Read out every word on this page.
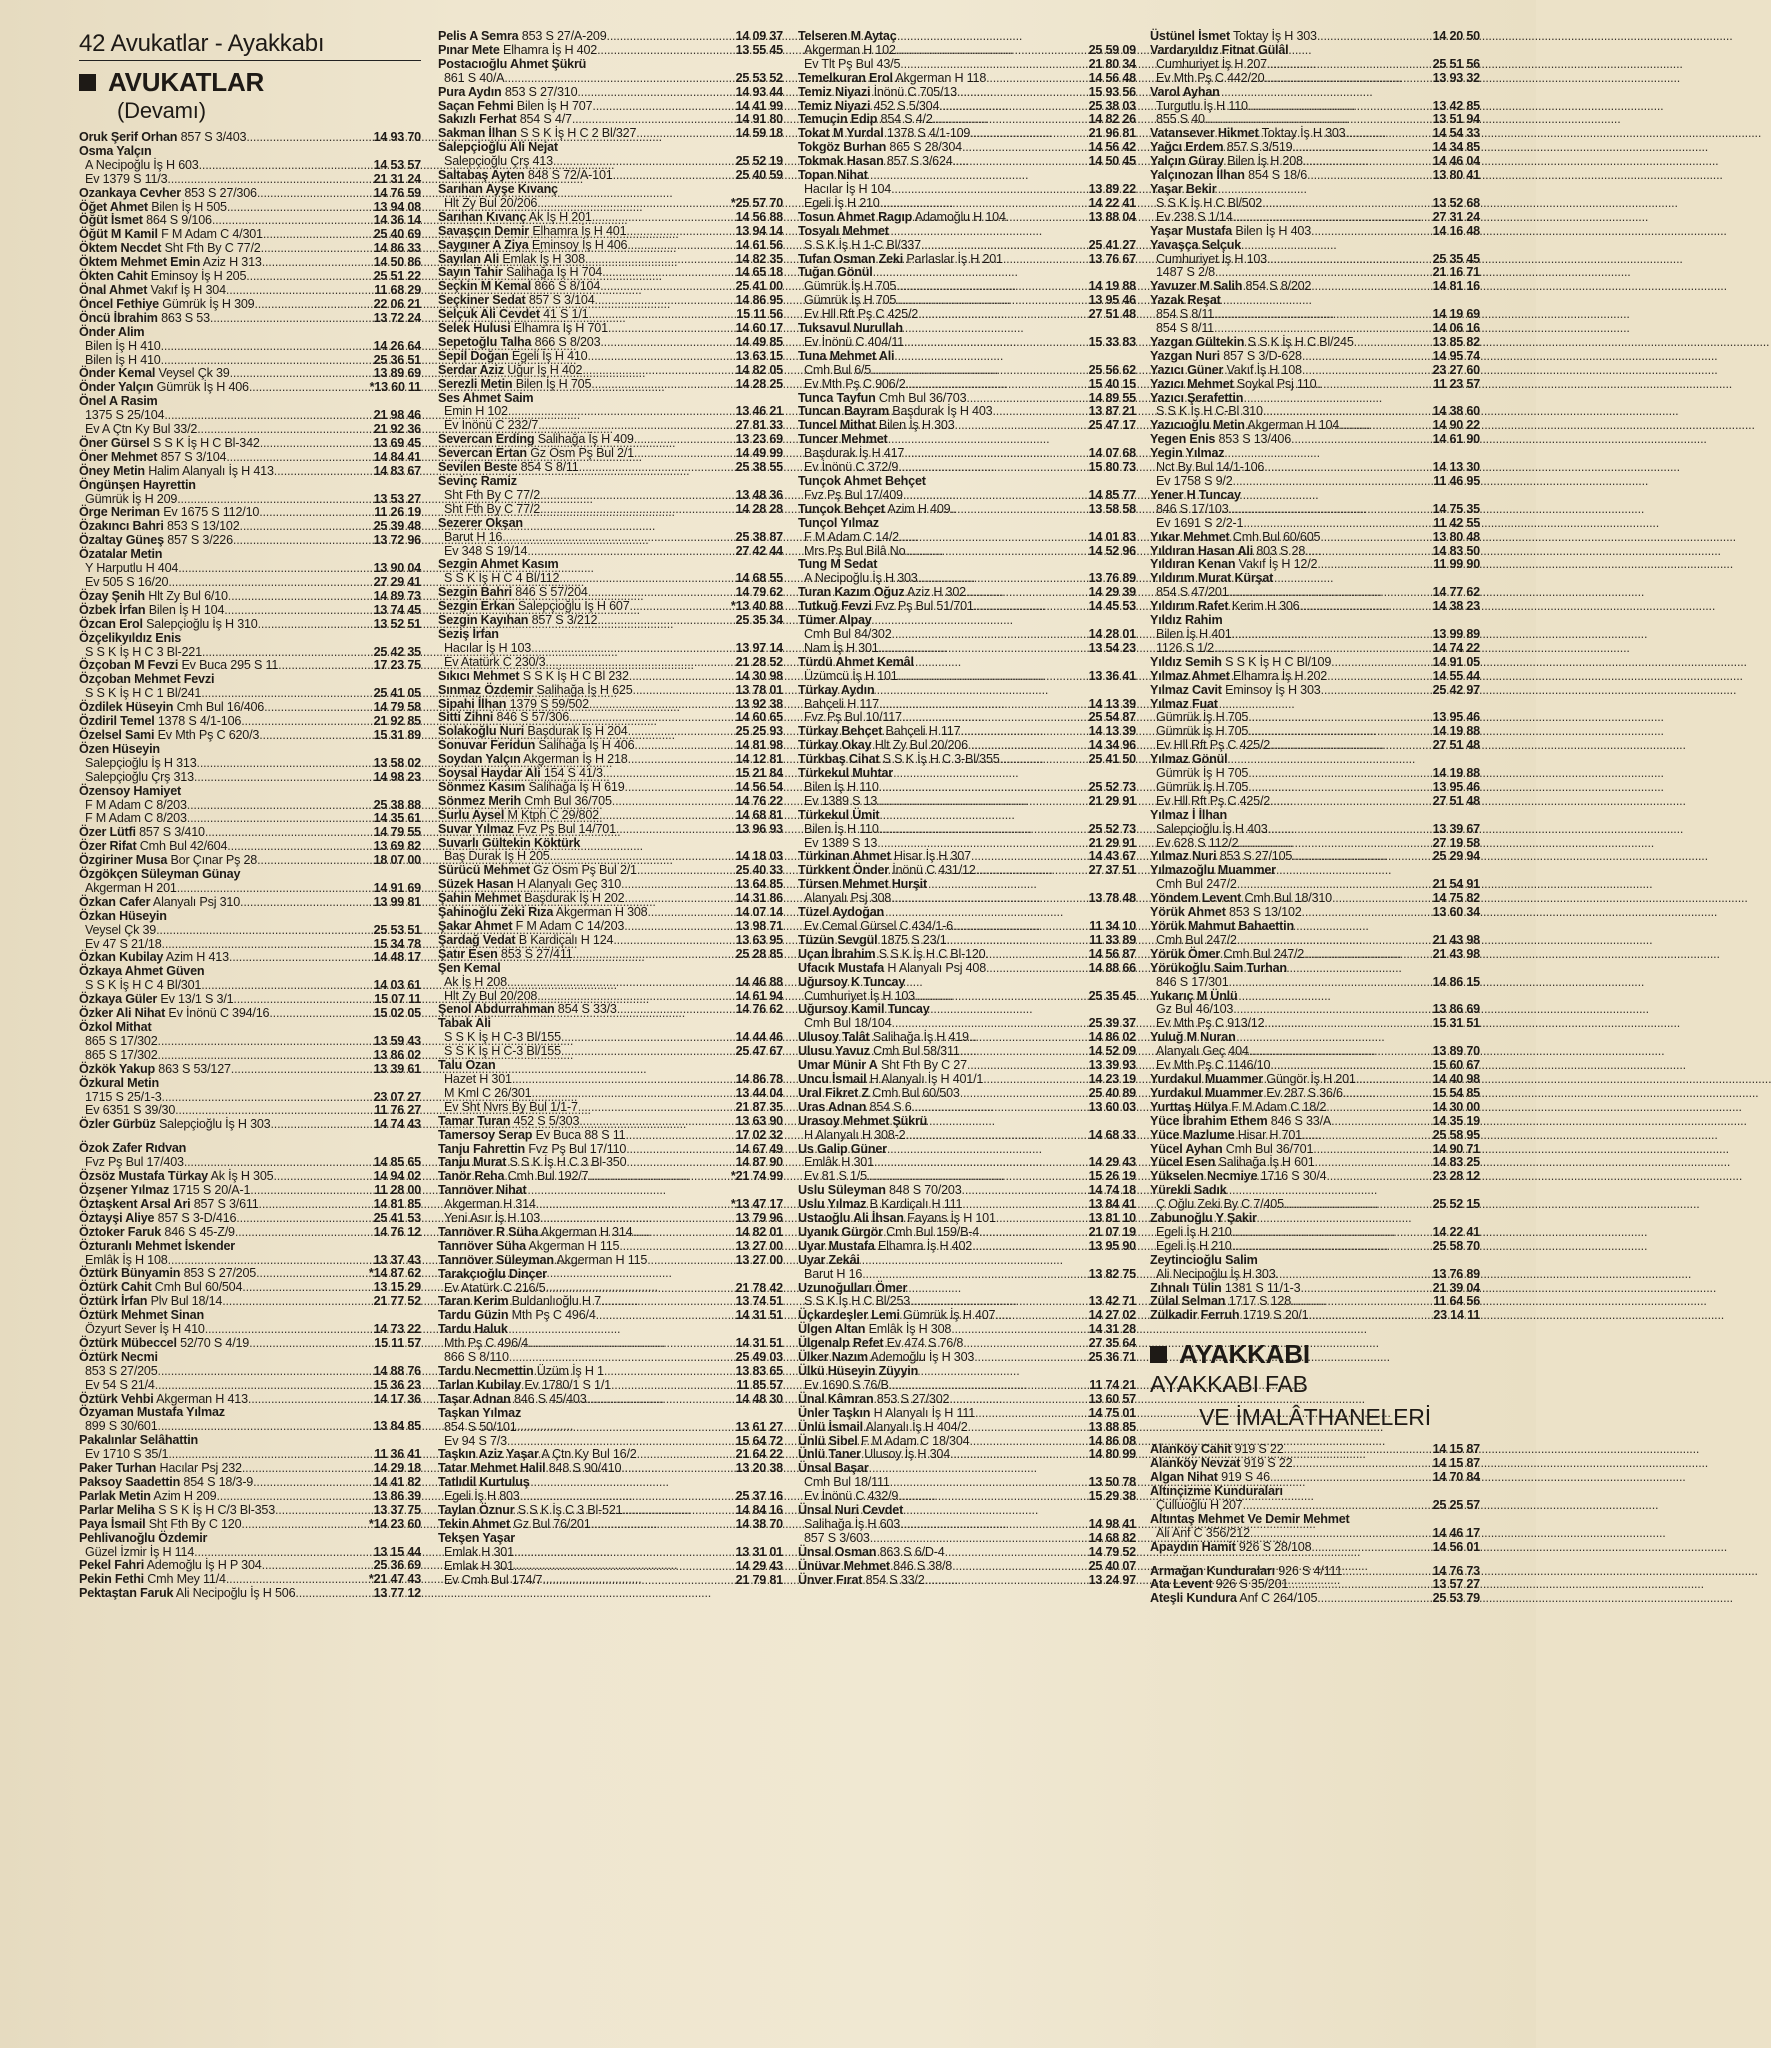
42 Avukatlar - Ayakkabı
AVUKATLAR
(Devamı)
Oruk Şerif Orhan 857 S 3/403 .....	14 93 70
Osma Yalçın
A Necipoğlu İş H 603 .....	14 53 57
Ev 1379 S 11/3 .....	21 31 24
Ozankaya Cevher 853 S 27/306 .....	14 76 59
Öğet Ahmet Bilen İş H 505 .....	13 94 08
Öğüt İsmet 864 S 9/106 .....	14 36 14
Öğüt M Kamil F M Adam C 4/301 .....	25 40 69
Öktem Necdet Sht Fth By C 77/2 .....	14 86 33
Öktem Mehmet Emin Aziz H 313 .....	14 50 86
Ökten Cahit Eminsoy İş H 205 .....	25 51 22
Önal Ahmet Vakıf İş H 304 .....	11 68 29
Öncel Fethiye Gümrük İş H 309 .....	22 06 21
Öncü İbrahim 863 S 53 .....	13 72 24
Önder Alim
Bilen İş H 410 .....	14 26 64
Bilen İş H 410 .....	25 36 51
Önder Kemal Veysel Çk 39 .....	13 89 69
Önder Yalçın Gümrük İş H 406 .....	*13 60 11
Önel A Rasim
1375 S 25/104 .....	21 98 46
Ev A Çtn Ky Bul 33/2 .....	21 92 36
Öner Gürsel S S K İş H C Bl-342 .....	13 69 45
Öner Mehmet 857 S 3/104 .....	14 84 41
Öney Metin Halim Alanyalı İş H 413 .....	14 83 67
Öngünşen Hayrettin
Gümrük İş H 209 .....	13 53 27
Örge Neriman Ev 1675 S 112/10 .....	11 26 19
Özakıncı Bahri 853 S 13/102 .....	25 39 48
Özaltay Güneş 857 S 3/226 .....	13 72 96
Özatalar Metin
Y Harputlu H 404 .....	13 90 04
Ev 505 S 16/20 .....	27 29 41
Özay Şenih Hlt Zy Bul 6/10 .....	14 89 73
Özbek İrfan Bilen İş H 104 .....	13 74 45
Özcan Erol Salepçioğlu İş H 310 .....	13 52 51
Özçelikyıldız Enis
S S K İş H C 3 Bl-221 .....	25 42 35
Özçoban M Fevzi Ev Buca 295 S 11 .....	17 23 75
Özçoban Mehmet Fevzi
S S K İş H C 1 Bl/241 .....	25 41 05
Özdilek Hüseyin Cmh Bul 16/406 .....	14 79 58
Özdiril Temel 1378 S 4/1-106 .....	21 92 85
Özelsel Sami Ev Mth Pş C 620/3 .....	15 31 89
Özen Hüseyin
Salepçioğlu İş H 313 .....	13 58 02
Salepçioğlu Çrş 313 .....	14 98 23
Özensoy Hamiyet
F M Adam C 8/203 .....	25 38 88
F M Adam C 8/203 .....	14 35 61
Özer Lütfi 857 S 3/410 .....	14 79 55
Özer Rifat Cmh Bul 42/604 .....	13 69 82
Özgiriner Musa Bor Çınar Pş 28 .....	18 07 00
Özgökçen Süleyman Günay
Akgerman H 201 .....	14 91 69
Özkan Cafer Alanyalı Psj 310 .....	13 99 81
Özkan Hüseyin
Veysel Çk 39 .....	25 53 51
Ev 47 S 21/18 .....	15 34 78
Özkan Kubilay Azim H 413 .....	14 48 17
Özkaya Ahmet Güven
S S K İş H C 4 Bl/301 .....	14 03 61
Özkaya Güler Ev 13/1 S 3/1 .....	15 07 11
Özker Ali Nihat Ev İnönü C 394/16 .....	15 02 05
Özkol Mithat
865 S 17/302 .....	13 59 43
865 S 17/302 .....	13 86 02
Özkök Yakup 863 S 53/127 .....	13 39 61
Özkural Metin
1715 S 25/1-3 .....	23 07 27
Ev 6351 S 39/30 .....	11 76 27
Özler Gürbüz Salepçioğlu İş H 303 .....	14 74 43
Özok Zafer Rıdvan
Fvz Pş Bul 17/403 .....	14 85 65
Özsöz Mustafa Türkay Ak İş H 305 .....	14 94 02
Özşener Yılmaz 1715 S 20/A-1 .....	11 28 00
Öztaşkent Arsal Ari 857 S 3/611 .....	14 81 85
Öztayşi Aliye 857 S 3-D/416 .....	25 41 53
Öztoker Faruk 846 S 45-Z/9 .....	14 76 12
Özturanlı Mehmet İskender
Emlâk İş H 108 .....	13 37 43
Öztürk Bünyamin 853 S 27/205 .....	*14 87 62
Öztürk Cahit Cmh Bul 60/504 .....	13 15 29
Öztürk İrfan Plv Bul 18/14 .....	21 77 52
Öztürk Mehmet Sinan
Özyurt Sever İş H 410 .....	14 73 22
Öztürk Mübeccel 52/70 S 4/19 .....	15 11 57
Öztürk Necmi
853 S 27/205 .....	14 88 76
Ev 54 S 21/4 .....	15 36 23
Öztürk Vehbi Akgerman H 413 .....	14 17 36
Özyaman Mustafa Yılmaz
899 S 30/601 .....	13 84 85
Pakalınlar Selâhattin
Ev 1710 S 35/1 .....	11 36 41
Paker Turhan Hacılar Psj 232 .....	14 29 18
Paksoy Saadettin 854 S 18/3-9 .....	14 41 82
Parlak Metin Azim H 209 .....	13 86 39
Parlar Meliha S S K İş H C/3 Bl-353 .....	13 37 75
Paya İsmail Sht Fth By C 120 .....	*14 23 60
Pehlivanoğlu Özdemir
Güzel İzmir İş H 114 .....	13 15 44
Pekel Fahri Ademoğlu İş H P 304 .....	25 36 69
Pekin Fethi Cmh Mey 11/4 .....	*21 47 43
Pektaştan Faruk Ali Necipoğlu İş H 506 .....	13 77 12
Pelis A Semra 853 S 27/A-209 .....	14 09 37
Pınar Mete Elhamra İş H 402 .....	13 55 45
Postacıoğlu Ahmet Şükrü
861 S 40/A .....	25 53 52
Pura Aydın 853 S 27/310 .....	14 93 44
Saçan Fehmi Bilen İş H 707 .....	14 41 99
Sakızlı Ferhat 854 S 4/7 .....	14 91 80
Sakman İlhan S S K İş H C 2 Bl/327 .....	14 59 18
Salepçioğlu Ali Nejat
Salepçioğlu Çrş 413 .....	25 52 19
Saltabaş Ayten 848 S 72/A-101 .....	25 40 59
Sarıhan Ayşe Kıvanç
Hlt Zy Bul 20/206 .....	*25 57 70
Sarıhan Kıvanç Ak İş H 201 .....	14 56 88
Savaşçın Demir Elhamra İş H 401 .....	13 94 14
Saygıner A Ziya Eminsoy İş H 406 .....	14 61 56
Sayılan Ali Emlak İş H 308 .....	14 82 35
Sayın Tahir Salihağa İş H 704 .....	14 65 18
Seçkin M Kemal 866 S 8/104 .....	25 41 00
Seçkiner Sedat 857 S 3/104 .....	14 86 95
Selçuk Ali Cevdet 41 S 1/1 .....	15 11 56
Selek Hulusi Elhamra İş H 701 .....	14 60 17
Sepetoğlu Talha 866 S 8/203 .....	14 49 85
Sepil Doğan Egeli İş H 410 .....	13 63 15
Serdar Aziz Uğur İş H 402 .....	14 82 05
Serezli Metin Bilen İş H 705 .....	14 28 25
Ses Ahmet Saim
Emin H 102 .....	13 46 21
Ev İnönü C 232/7 .....	27 81 33
Severcan Erding Salihağa İş H 409 .....	13 23 69
Severcan Ertan Gz Osm Pş Bul 2/1 .....	14 49 99
Sevilen Beste 854 S 8/11 .....	25 38 55
Sevinç Ramiz
Sht Fth By C 77/2 .....	13 48 36
Sht Fth By C 77/2 .....	14 28 28
Sezerer Okşan
Barut H 16 .....	25 38 87
Ev 348 S 19/14 .....	27 42 44
Sezgin Ahmet Kasım
S S K İş H C 4 Bl/112 .....	14 68 55
Sezgin Bahri 846 S 57/204 .....	14 79 62
Sezgin Erkan Salepçioğlu İş H 607 .....	*13 40 88
Sezgin Kayıhan 857 S 3/212 .....	25 35 34
Seziş İrfan
Hacılar İş H 103 .....	13 97 14
Ev Atatürk C 230/3 .....	21 28 52
Sıkıcı Mehmet S S K İş H C Bl 232 .....	14 30 98
Sınmaz Özdemir Salihağa İş H 625 .....	13 78 01
Sipahi İlhan 1379 S 59/502 .....	13 92 38
Sitti Zihni 846 S 57/306 .....	14 60 65
Solakoğlu Nuri Başdurak İş H 204 .....	25 25 93
Sonuvar Feridun Salihağa İş H 406 .....	14 81 98
Soydan Yalçın Akgerman İş H 218 .....	14 12 81
Soysal Haydar Ali 154 S 41/3 .....	15 21 84
Sönmez Kasım Salihağa İş H 619 .....	14 56 54
Sönmez Merih Cmh Bul 36/705 .....	14 76 22
Surlu Aysel M Ktph C 29/802 .....	14 68 81
Suvar Yılmaz Fvz Pş Bul 14/701 .....	13 96 93
Suvarlı Gültekin Köktürk
Baş Durak İş H 205 .....	14 18 03
Sürücü Mehmet Gz Osm Pş Bul 2/1 .....	25 40 33
Süzek Hasan H Alanyalı Geç 310 .....	13 64 85
Şahin Mehmet Başdurak İş H 202 .....	14 31 86
Şahinoğlu Zeki Rıza Akgerman H 308 .....	14 07 14
Şakar Ahmet F M Adam C 14/203 .....	13 98 71
Şardağ Vedat B Kardiçalı H 124 .....	13 63 95
Şatır Esen 853 S 27/411 .....	25 28 85
Şen Kemal
Ak İş H 208 .....	14 46 88
Hlt Zy Bul 20/208 .....	14 61 94
Şenol Abdurrahman 854 S 33/3 .....	14 76 62
Tabak Ali
S S K İş H C-3 Bl/155 .....	14 44 46
S S K İş H C-3 Bl/155 .....	25 47 67
Talu Ozan
Hazet H 301 .....	14 86 78
M Kml C 26/301 .....	13 44 04
Ev Sht Nvrs By Bul 1/1-7 .....	21 87 35
Tamar Turan 452 S 5/303 .....	13 63 90
Tamersoy Serap Ev Buca 88 S 11 .....	17 02 32
Tanju Fahrettin Fvz Pş Bul 17/110 .....	14 67 49
Tanju Murat S S K İş H C 3 Bl-350 .....	14 87 90
Tanör Reha Cmh Bul 192/7 .....	*21 74 99
Tanrıöver Nihat
Akgerman H 314 .....	*13 47 17
Yeni Asır İş H 103 .....	13 79 96
Tanrıöver R Süha Akgerman H 314 .....	14 82 01
Tanrıöver Süha Akgerman H 115 .....	13 27 00
Tanrıöver Süleyman Akgerman H 115 .....	13 27 00
Tarakçıoğlu Dinçer
Ev Atatürk C 216/5 .....	21 78 42
Taran Kerim Buldanlıoğlu H 7 .....	13 74 51
Tardu Güzin Mth Pş C 496/4 .....	14 31 51
Tardu Haluk
Mth Pş C 496/4 .....	14 31 51
866 S 8/110 .....	25 49 03
Tardu Necmettin Üzüm İş H 1 .....	13 83 65
Tarlan Kubilay Ev 1780/1 S 1/1 .....	11 85 57
Taşar Adnan 846 S 45/403 .....	14 48 30
Taşkan Yılmaz
854 S 50/101 .....	13 61 27
Ev 94 S 7/3 .....	15 64 72
Taşkın Aziz Yaşar A Çtn Ky Bul 16/2 .....	21 64 22
Tatar Mehmet Halil 848 S 90/410 .....	13 20 38
Tatlıdil Kurtuluş
Egeli İş H 803 .....	25 37 16
Taylan Öznur S S K İş C 3 Bl-521 .....	14 84 16
Tekin Ahmet Gz Bul 76/201 .....	14 38 70
Tekşen Yaşar
Emlak H 301 .....	13 31 01
Emlak H 301 .....	14 29 43
Ev Cmh Bul 174/7 .....	21 79 81
Telseren M Aytaç
Akgerman H 102 .....	25 59 09
Ev Tlt Pş Bul 43/5 .....	21 80 34
Temelkuran Erol Akgerman H 118 .....	14 56 48
Temiz Niyazi İnönü C 705/13 .....	15 93 56
Temiz Niyazi 452 S 5/304 .....	25 38 03
Temuçin Edip 854 S 4/2 .....	14 82 26
Tokat M Yurdal 1378 S 4/1-109 .....	21 96 81
Tokgöz Burhan 865 S 28/304 .....	14 56 42
Tokmak Hasan 857 S 3/624 .....	14 50 45
Topan Nihat
Hacılar İş H 104 .....	13 89 22
Egeli İş H 210 .....	14 22 41
Tosun Ahmet Ragıp Adamoğlu H 104 .....	13 88 04
Tosyalı Mehmet
S S K İş H 1-C Bl/337 .....	25 41 27
Tufan Osman Zeki Parlaslar İş H 201 .....	13 76 67
Tuğan Gönül
Gümrük İş H 705 .....	14 19 88
Gümrük İş H 705 .....	13 95 46
Ev Hll Rft Pş C 425/2 .....	27 51 48
Tuksavul Nurullah
Ev İnönü C 404/11 .....	15 33 83
Tuna Mehmet Ali
Cmh Bul 6/5 .....	25 56 62
Ev Mth Pş C 906/2 .....	15 40 15
Tunca Tayfun Cmh Bul 36/703 .....	14 89 55
Tuncan Bayram Başdurak İş H 403 .....	13 87 21
Tuncel Mithat Bilen İş H 303 .....	25 47 17
Tuncer Mehmet
Başdurak İş H 417 .....	14 07 68
Ev İnönü C 372/9 .....	15 80 73
Tunçok Ahmet Behçet
Fvz Pş Bul 17/409 .....	14 85 77
Tunçok Behçet Azim H 409 .....	13 58 58
Tunçol Yılmaz
F M Adam C 14/2 .....	14 01 83
Mrs Pş Bul Bilâ No .....	14 52 96
Tung M Sedat
A Necipoğlu İş H 303 .....	13 76 89
Turan Kazım Oğuz Aziz H 302 .....	14 29 39
Tutkuğ Fevzi Fvz Pş Bul 51/701 .....	14 45 53
Tümer Alpay
Cmh Bul 84/302 .....	14 28 01
Nam İş H 301 .....	13 54 23
Türdü Ahmet Kemâl
Üzümcü İş H 101 .....	13 36 41
Türkay Aydın
Bahçeli H 117 .....	14 13 39
Fvz Pş Bul 10/117 .....	25 54 87
Türkay Behçet Bahçeli H 117 .....	14 13 39
Türkay Okay Hlt Zy Bul 20/206 .....	14 34 96
Türkbaş Cihat S S K İş H C 3-Bl/355 .....	25 41 50
Türkekul Muhtar
Bilen İş H 110 .....	25 52 73
Ev 1389 S 13 .....	21 29 91
Türkekul Ümit
Bilen İş H 110 .....	25 52 73
Ev 1389 S 13 .....	21 29 91
Türkinan Ahmet Hisar İş H 307 .....	14 43 67
Türkkent Önder İnönü C 431/12 .....	27 37 51
Türsen Mehmet Hurşit
Alanyalı Psj 308 .....	13 78 48
Tüzel Aydoğan
Ev Cemal Gürsel C 434/1-6 .....	11 34 10
Tüzün Sevgül 1875 S 23/1 .....	11 33 89
Uçan İbrahim S S K İş H C Bl-120 .....	14 56 87
Ufacık Mustafa H Alanyalı Psj 408 .....	14 88 66
Uğursoy K Tuncay
Cumhuriyet İş H 103 .....	25 35 45
Uğursoy Kamil Tuncay
Cmh Bul 18/104 .....	25 39 37
Ulusoy Talât Salihağa İş H 419 .....	14 86 02
Ulusu Yavuz Cmh Bul 58/311 .....	14 52 09
Umar Münir A Sht Fth By C 27 .....	13 39 93
Uncu İsmail H Alanyalı İş H 401/1 .....	14 23 19
Ural Fikret Z Cmh Bul 60/503 .....	25 40 89
Uras Adnan 854 S 6 .....	13 60 03
Urasoy Mehmet Şükrü
H Alanyalı H 308-2 .....	14 68 33
Us Galip Güner
Emlâk H 301 .....	14 29 43
Ev 81 S 1/5 .....	15 26 19
Uslu Süleyman 848 S 70/203 .....	14 74 18
Uslu Yılmaz B Kardiçalı H 111 .....	13 84 41
Ustaoğlu Ali İhsan Fayans İş H 101 .....	13 81 10
Uyanık Gürgör Cmh Bul 159/B-4 .....	21 07 19
Uyar Mustafa Elhamra İş H 402 .....	13 95 90
Uyar Zekâi
Barut H 16 .....	13 82 75
Uzunoğulları Ömer
S S K İş H C Bl/253 .....	13 42 71
Üçkardeşler Lemi Gümrük İş H 407 .....	14 27 02
Ülgen Altan Emlâk İş H 308 .....	14 31 28
Ülgenalp Refet Ev 474 S 76/8 .....	27 35 64
Ülker Nazım Ademoğlu İş H 303 .....	25 36 71
Ülkü Hüseyin Züyyin
Ev 1690 S 76/B .....	11 74 21
Ünal Kâmran 853 S 27/302 .....	13 60 57
Ünler Taşkın H Alanyalı İş H 111 .....	14 75 01
Ünlü İsmail Alanyalı İş H 404/2 .....	13 88 85
Ünlü Sibel F M Adam C 18/304 .....	14 86 08
Ünlü Taner Ulusoy İş H 304 .....	14 80 99
Ünsal Başar
Cmh Bul 18/111 .....	13 50 78
Ev İnönü C 432/9 .....	15 29 38
Ünsal Nuri Cevdet
Salihağa İş H 603 .....	14 98 41
857 S 3/603 .....	14 68 82
Ünsal Osman 863 S 6/D-4 .....	14 79 52
Ünüvar Mehmet 846 S 38/8 .....	25 40 07
Ünver Fırat 854 S 33/2 .....	13 24 97
Üstünel İsmet Toktay İş H 303 .....	14 20 50
Vardaryıldız Fitnat Gülâl
Cumhuriyet İş H 207 .....	25 51 56
Ev Mth Pş C 442/20 .....	13 93 32
Varol Ayhan
Turgutlu İş H 110 .....	13 42 85
855 S 40 .....	13 51 94
Vatansever Hikmet Toktay İş H 303 .....	14 54 33
Yağcı Erdem 857 S 3/519 .....	14 34 85
Yalçın Güray Bilen İş H 208 .....	14 46 04
Yalçınozan İlhan 854 S 18/6 .....	13 80 41
Yaşar Bekir
S S K İş H C Bl/502 .....	13 52 68
Ev 238 S 1/14 .....	27 31 24
Yaşar Mustafa Bilen İş H 403 .....	14 16 48
Yavaşça Selçuk
Cumhuriyet İş H 103 .....	25 35 45
1487 S 2/8 .....	21 16 71
Yavuzer M Salih 854 S 8/202 .....	14 81 16
Yazak Reşat
854 S 8/11 .....	14 19 69
854 S 8/11 .....	14 06 16
Yazgan Gültekin S S K İş H C Bl/245 .....	13 85 82
Yazgan Nuri 857 S 3/D-628 .....	14 95 74
Yazıcı Güner Vakıf İş H 108 .....	23 27 60
Yazıcı Mehmet Soykal Psj 110 .....	11 23 57
Yazıcı Şerafettin
S S K İş H C-Bl 310 .....	14 38 60
Yazıcıoğlu Metin Akgerman H 104 .....	14 90 22
Yegen Enis 853 S 13/406 .....	14 61 90
Yegin Yılmaz
Nct By Bul 14/1-106 .....	14 13 30
Ev 1758 S 9/2 .....	11 46 95
Yener H Tuncay
846 S 17/103 .....	14 75 35
Ev 1691 S 2/2-1 .....	11 42 55
Yıkar Mehmet Cmh Bul 60/605 .....	13 80 48
Yıldıran Hasan Ali 803 S 28 .....	14 83 50
Yıldıran Kenan Vakıf İş H 12/2 .....	11 99 90
Yıldırım Murat Kürşat
854 S 47/201 .....	14 77 62
Yıldırım Rafet Kerim H 306 .....	14 38 23
Yıldız Rahim
Bilen İş H 401 .....	13 99 89
1126 S 1/2 .....	14 74 22
Yıldız Semih S S K İş H C Bl/109 .....	14 91 05
Yılmaz Ahmet Elhamra İş H 202 .....	14 55 44
Yılmaz Cavit Eminsoy İş H 303 .....	25 42 97
Yılmaz Fuat
Gümrük İş H 705 .....	13 95 46
Gümrük İş H 705 .....	14 19 88
Ev Hll Rft Pş C 425/2 .....	27 51 48
Yılmaz Gönül
Gümrük İş H 705 .....	14 19 88
Gümrük İş H 705 .....	13 95 46
Ev Hll Rft Pş C 425/2 .....	27 51 48
Yılmaz İ İlhan
Salepçioğlu İş H 403 .....	13 39 67
Ev 628 S 112/2 .....	27 19 58
Yılmaz Nuri 853 S 27/105 .....	25 29 94
Yılmazoğlu Muammer
Cmh Bul 247/2 .....	21 54 91
Yöndem Levent Cmh Bul 18/310 .....	14 75 82
Yörük Ahmet 853 S 13/102 .....	13 60 34
Yörük Mahmut Bahaettin
Cmh Bul 247/2 .....	21 43 98
Yörük Ömer Cmh Bul 247/2 .....	21 43 98
Yörükoğlu Saim Turhan
846 S 17/301 .....	14 86 15
Yukarıç M Ünlü
Gz Bul 46/103 .....	13 86 69
Ev Mth Pş C 913/12 .....	15 31 51
Yuluğ M Nuran
Alanyalı Geç 404 .....	13 89 70
Ev Mth Pş C 1146/10 .....	15 60 67
Yurdakul Muammer Güngör İş H 201 .....	14 40 98
Yurdakul Muammer Ev 287 S 36/6 .....	15 54 85
Yurttaş Hülya F M Adam C 18/2 .....	14 30 00
Yüce İbrahim Ethem 846 S 33/A .....	14 35 19
Yüce Mazlume Hisar H 701 .....	25 58 95
Yücel Ayhan Cmh Bul 36/701 .....	14 90 71
Yücel Esen Salihağa İş H 601 .....	14 83 25
Yükselen Necmiye 1716 S 30/4 .....	23 28 12
Yürekli Sadık
Ç Oğlu Zeki By C 7/405 .....	25 52 15
Zabunoğlu Y Şakir
Egeli İş H 210 .....	14 22 41
Egeli İş H 210 .....	25 58 70
Zeytincioğlu Salim
Ali Necipoğlu İş H 303 .....	13 76 89
Zıhnalı Tülin 1381 S 11/1-3 .....	21 39 04
Zülal Selman 1717 S 128 .....	11 64 56
Zülkadir Ferruh 1719 S 20/1 .....	23 14 11
AYAKKABI
AYAKKABI FAB
VE İMALÂTHANELERİ
Alanköy Cahit 919 S 22 .....	14 15 87
Alanköy Nevzat 919 S 22 .....	14 15 87
Algan Nihat 919 S 46 .....	14 70 84
Altınçizme Kunduraları
Çulluoğlu H 207 .....	25 25 57
Altıntaş Mehmet Ve Demir Mehmet
Ali Anf C 356/212 .....	14 46 17
Apaydın Hamit 926 S 28/108 .....	14 56 01
Armağan Kunduraları 926 S 4/111 .....	14 76 73
Ata Levent 926 S 35/201 .....	13 57 27
Ateşli Kundura Anf C 264/105 .....	25 53 79
